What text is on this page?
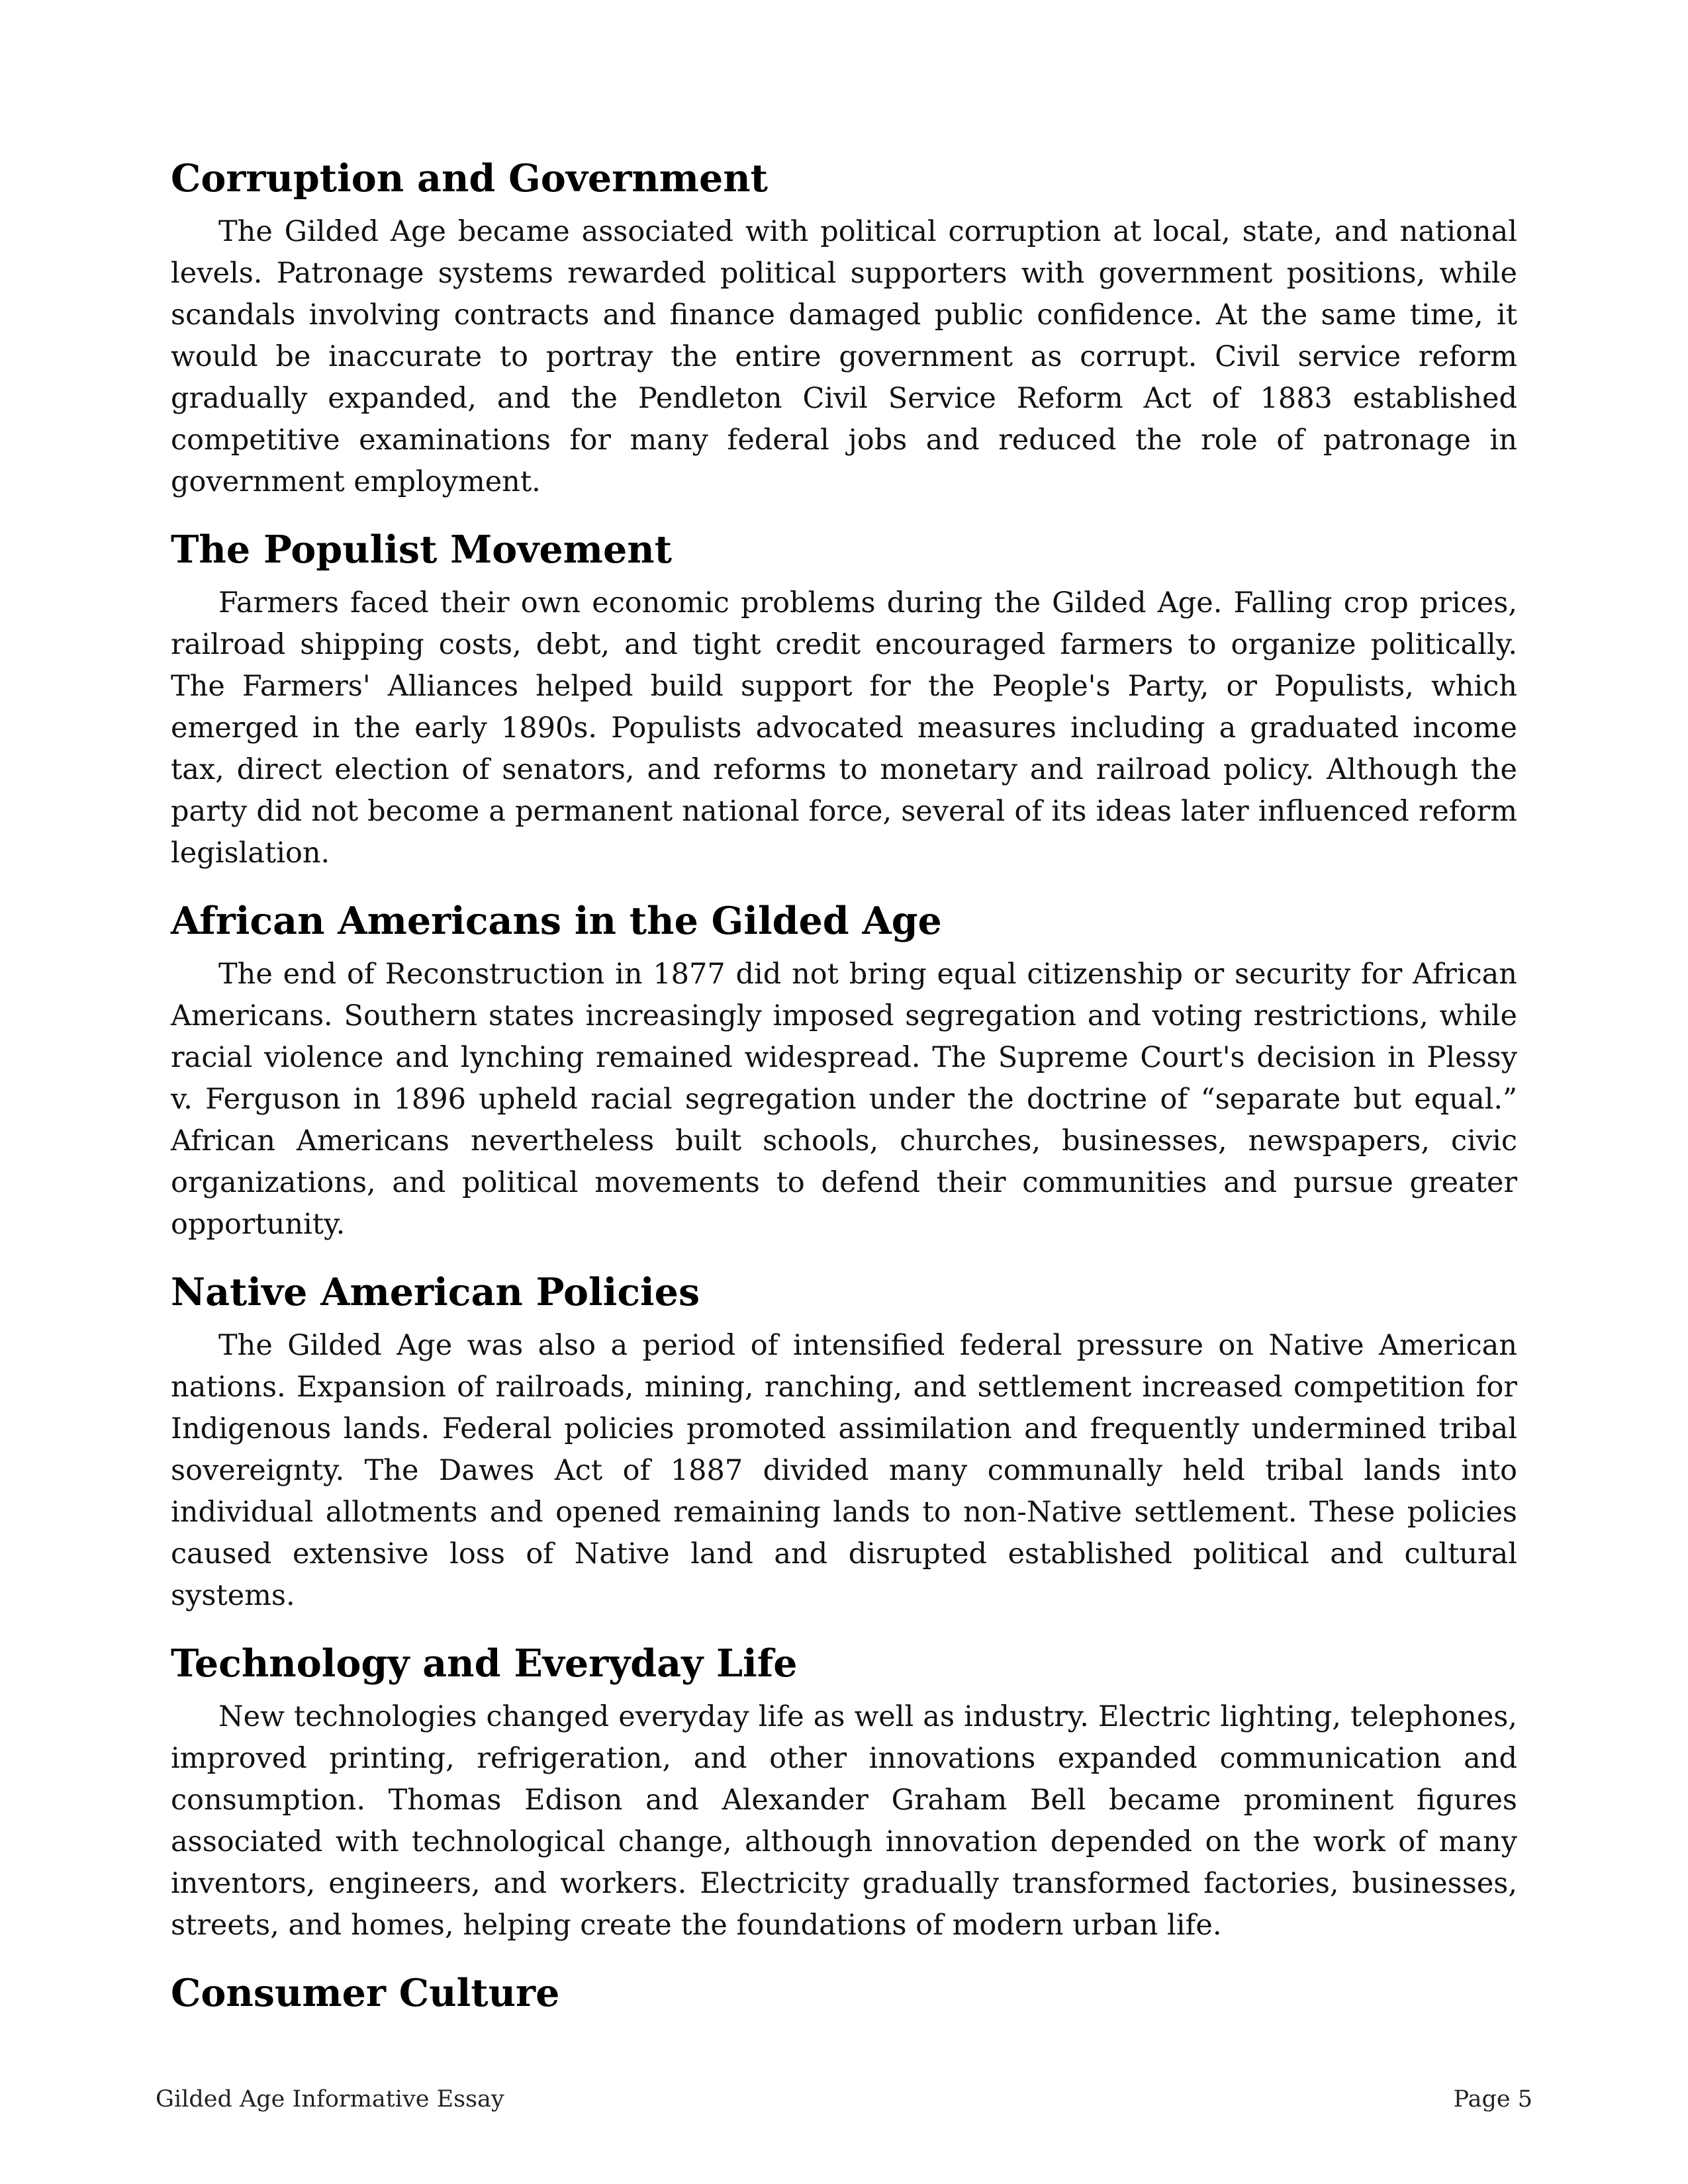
Corruption and Government

The Gilded Age became associated with political corruption at local, state, and national levels. Patronage systems rewarded political supporters with government positions, while scandals involving contracts and finance damaged public confidence. At the same time, it would be inaccurate to portray the entire government as corrupt. Civil service reform gradually expanded, and the Pendleton Civil Service Reform Act of 1883 established competitive examinations for many federal jobs and reduced the role of patronage in government employment.

The Populist Movement

Farmers faced their own economic problems during the Gilded Age. Falling crop prices, railroad shipping costs, debt, and tight credit encouraged farmers to organize politically. The Farmers' Alliances helped build support for the People's Party, or Populists, which emerged in the early 1890s. Populists advocated measures including a graduated income tax, direct election of senators, and reforms to monetary and railroad policy. Although the party did not become a permanent national force, several of its ideas later influenced reform legislation.

African Americans in the Gilded Age

The end of Reconstruction in 1877 did not bring equal citizenship or security for African Americans. Southern states increasingly imposed segregation and voting restrictions, while racial violence and lynching remained widespread. The Supreme Court's decision in Plessy v. Ferguson in 1896 upheld racial segregation under the doctrine of “separate but equal.” African Americans nevertheless built schools, churches, businesses, newspapers, civic organizations, and political movements to defend their communities and pursue greater opportunity.

Native American Policies

The Gilded Age was also a period of intensified federal pressure on Native American nations. Expansion of railroads, mining, ranching, and settlement increased competition for Indigenous lands. Federal policies promoted assimilation and frequently undermined tribal sovereignty. The Dawes Act of 1887 divided many communally held tribal lands into individual allotments and opened remaining lands to non-Native settlement. These policies caused extensive loss of Native land and disrupted established political and cultural systems.

Technology and Everyday Life

New technologies changed everyday life as well as industry. Electric lighting, telephones, improved printing, refrigeration, and other innovations expanded communication and consumption. Thomas Edison and Alexander Graham Bell became prominent figures associated with technological change, although innovation depended on the work of many inventors, engineers, and workers. Electricity gradually transformed factories, businesses, streets, and homes, helping create the foundations of modern urban life.

Consumer Culture
Gilded Age Informative Essay	Page 5
